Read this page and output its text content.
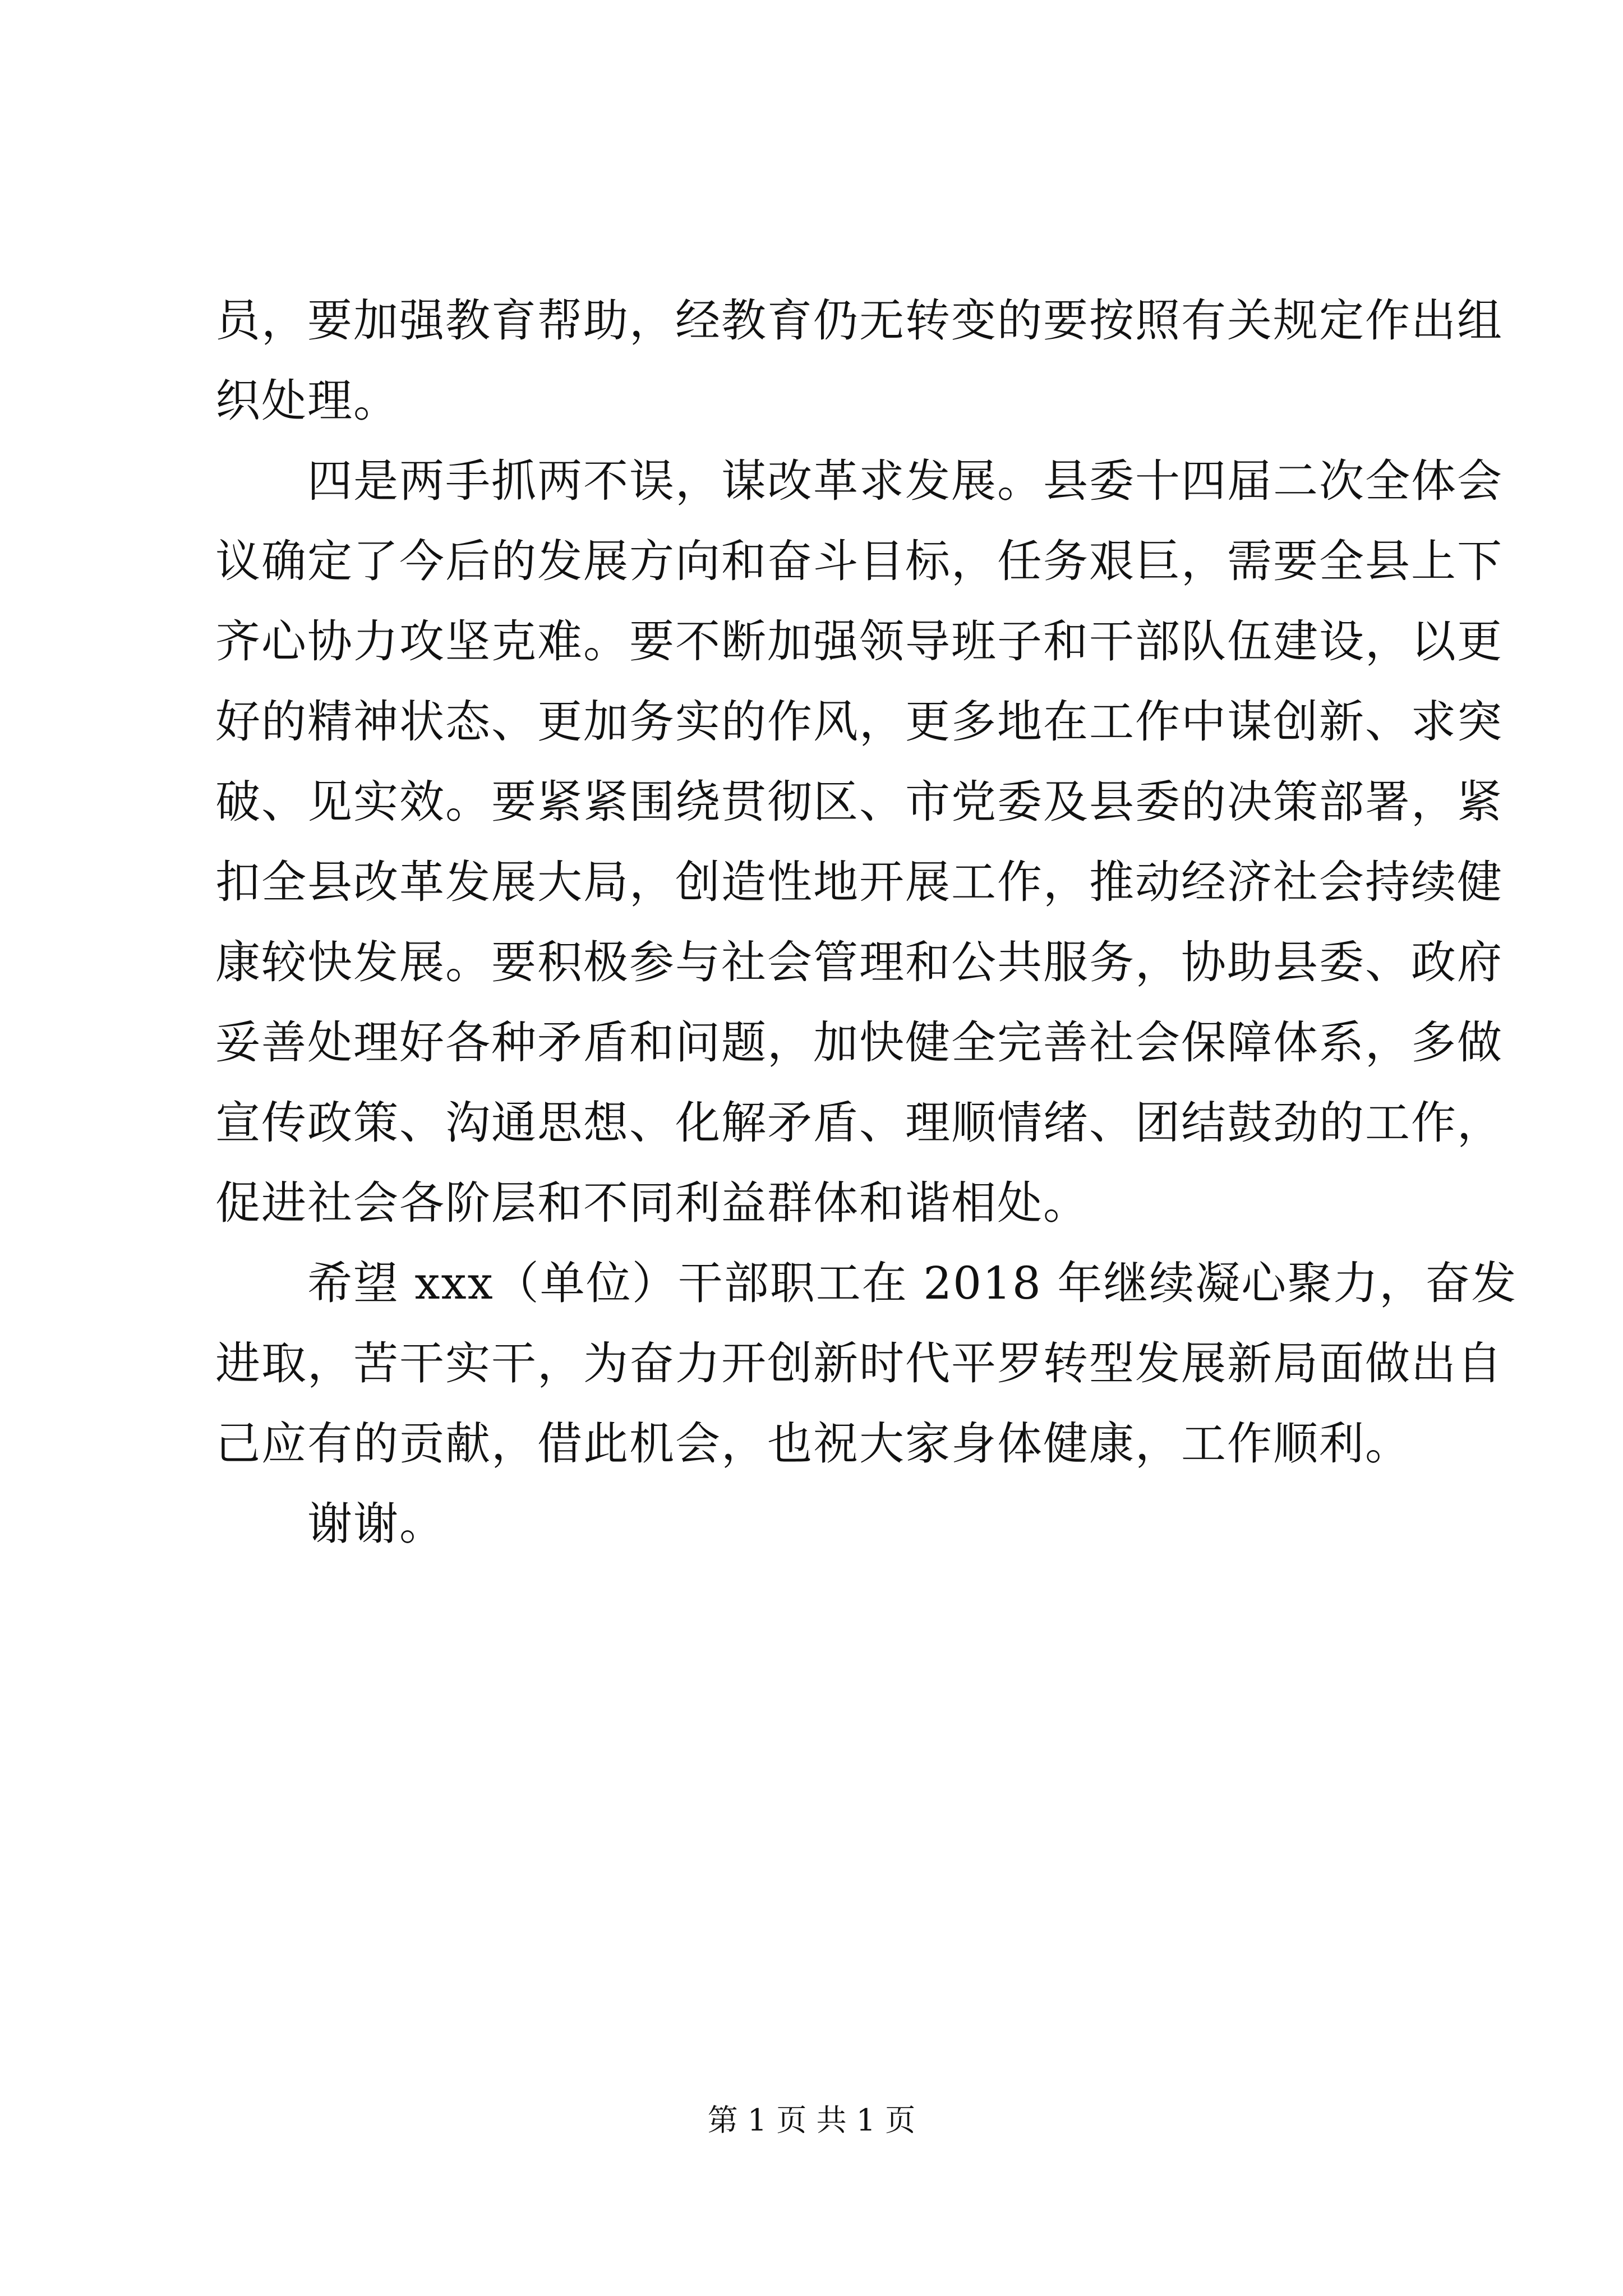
员，要加强教育帮助，经教育仍无转变的要按照有关规定作出组
织处理。
四是两手抓两不误，谋改革求发展。县委十四届二次全体会
议确定了今后的发展方向和奋斗目标，任务艰巨，需要全县上下
齐心协力攻坚克难。要不断加强领导班子和干部队伍建设，以更
好的精神状态、更加务实的作风，更多地在工作中谋创新、求突
破、见实效。要紧紧围绕贯彻区、市党委及县委的决策部署，紧
扣全县改革发展大局，创造性地开展工作，推动经济社会持续健
康较快发展。要积极参与社会管理和公共服务，协助县委、政府
妥善处理好各种矛盾和问题，加快健全完善社会保障体系，多做
宣传政策、沟通思想、化解矛盾、理顺情绪、团结鼓劲的工作，
促进社会各阶层和不同利益群体和谐相处。
希望 xxx（单位）干部职工在 2018 年继续凝心聚力，奋发
进取，苦干实干，为奋力开创新时代平罗转型发展新局面做出自
己应有的贡献，借此机会，也祝大家身体健康，工作顺利。
谢谢。
第 1 页 共 1 页
